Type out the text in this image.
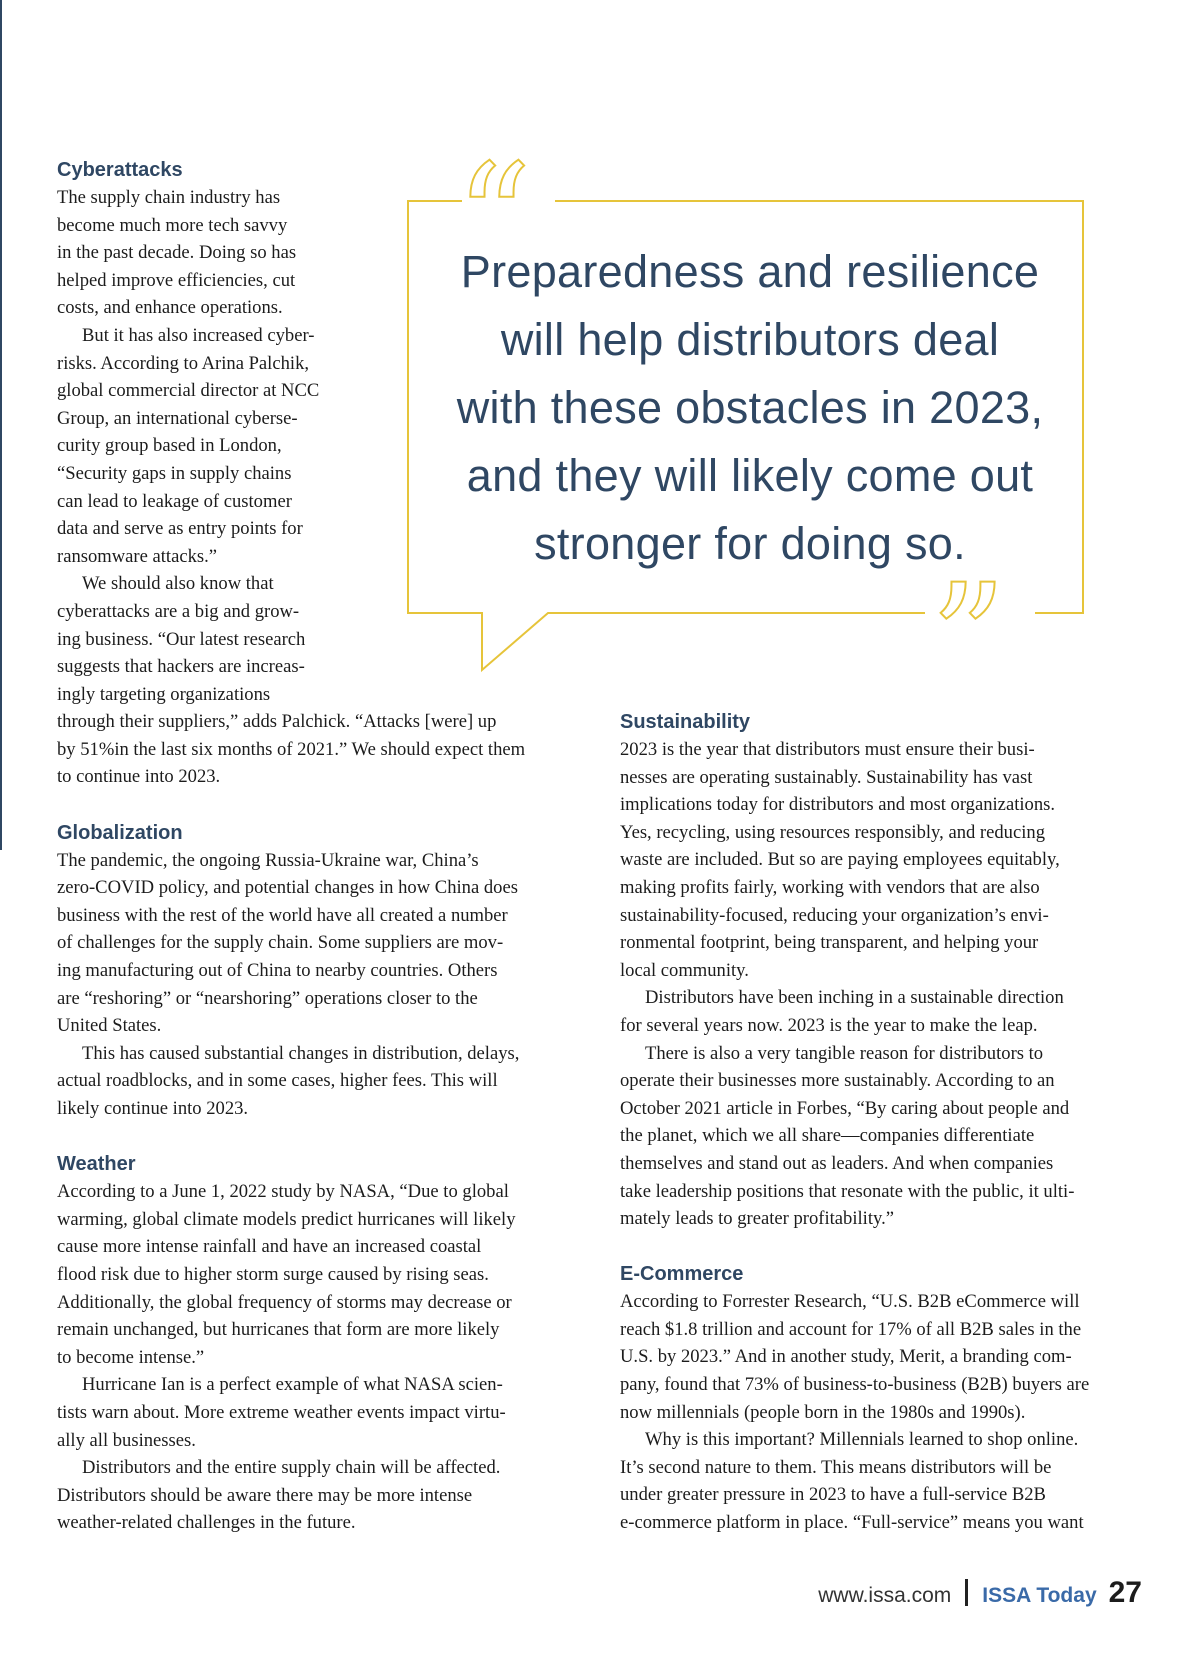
“
”
Preparedness and resilience
will help distributors deal
with these obstacles in 2023,
and they will likely come out
stronger for doing so.
Cyberattacks

The supply chain industry has
become much more tech savvy
in the past decade. Doing so has
helped improve efficiencies, cut
costs, and enhance operations.

But it has also increased cyber-
risks. According to Arina Palchik,
global commercial director at NCC
Group, an international cyberse-
curity group based in London,
“Security gaps in supply chains
can lead to leakage of customer
data and serve as entry points for
ransomware attacks.”

We should also know that
cyberattacks are a big and grow-
ing business. “Our latest research
suggests that hackers are increas-
ingly targeting organizations
through their suppliers,” adds Palchick. “Attacks [were] up
by 51%in the last six months of 2021.” We should expect them
to continue into 2023.

Globalization

The pandemic, the ongoing Russia-Ukraine war, China’s
zero-COVID policy, and potential changes in how China does
business with the rest of the world have all created a number
of challenges for the supply chain. Some suppliers are mov-
ing manufacturing out of China to nearby countries. Others
are “reshoring” or “nearshoring” operations closer to the
United States.

This has caused substantial changes in distribution, delays,
actual roadblocks, and in some cases, higher fees. This will
likely continue into 2023.

Weather

According to a June 1, 2022 study by NASA, “Due to global
warming, global climate models predict hurricanes will likely
cause more intense rainfall and have an increased coastal
flood risk due to higher storm surge caused by rising seas.
Additionally, the global frequency of storms may decrease or
remain unchanged, but hurricanes that form are more likely
to become intense.”

Hurricane Ian is a perfect example of what NASA scien-
tists warn about. More extreme weather events impact virtu-
ally all businesses.

Distributors and the entire supply chain will be affected.
Distributors should be aware there may be more intense
weather-related challenges in the future.

Sustainability

2023 is the year that distributors must ensure their busi-
nesses are operating sustainably. Sustainability has vast
implications today for distributors and most organizations.
Yes, recycling, using resources responsibly, and reducing
waste are included. But so are paying employees equitably,
making profits fairly, working with vendors that are also
sustainability-focused, reducing your organization’s envi-
ronmental footprint, being transparent, and helping your
local community.

Distributors have been inching in a sustainable direction
for several years now. 2023 is the year to make the leap.

There is also a very tangible reason for distributors to
operate their businesses more sustainably. According to an
October 2021 article in Forbes, “By caring about people and
the planet, which we all share—companies differentiate
themselves and stand out as leaders. And when companies
take leadership positions that resonate with the public, it ulti-
mately leads to greater profitability.”

E-Commerce

According to Forrester Research, “U.S. B2B eCommerce will
reach $1.8 trillion and account for 17% of all B2B sales in the
U.S. by 2023.” And in another study, Merit, a branding com-
pany, found that 73% of business-to-business (B2B) buyers are
now millennials (people born in the 1980s and 1990s).

Why is this important? Millennials learned to shop online.
It’s second nature to them. This means distributors will be
under greater pressure in 2023 to have a full-service B2B
e-commerce platform in place. “Full-service” means you want

www.issa.com ISSA Today 27
